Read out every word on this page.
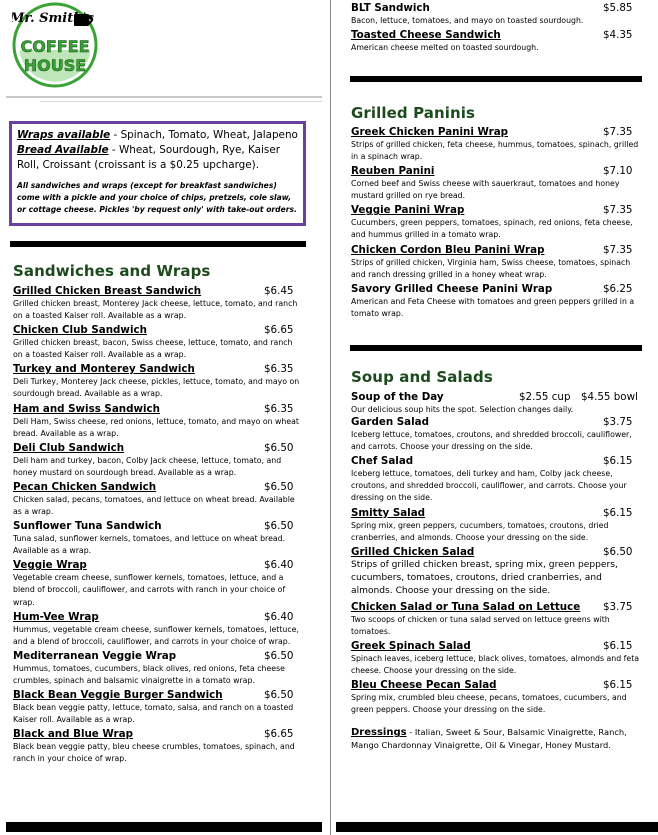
Mr. Smith's
COFFEE
HOUSE
Wraps available - Spinach, Tomato, Wheat, Jalapeno
Bread Available - Wheat, Sourdough, Rye, Kaiser Roll, Croissant (croissant is a $0.25 upcharge).
All sandwiches and wraps (except for breakfast sandwiches) come with a pickle and your choice of chips, pretzels, cole slaw, or cottage cheese. Pickles 'by request only' with take-out orders.
Sandwiches and Wraps
Grilled Chicken Breast Sandwich	$6.45
Grilled chicken breast, Monterey Jack cheese, lettuce, tomato, and ranch on a toasted Kaiser roll. Available as a wrap.
Chicken Club Sandwich	$6.65
Grilled chicken breast, bacon, Swiss cheese, lettuce, tomato, and ranch on a toasted Kaiser roll. Available as a wrap.
Turkey and Monterey Sandwich	$6.35
Deli Turkey, Monterey Jack cheese, pickles, lettuce, tomato, and mayo on sourdough bread. Available as a wrap.
Ham and Swiss Sandwich	$6.35
Deli Ham, Swiss cheese, red onions, lettuce, tomato, and mayo on wheat bread. Available as a wrap.
Deli Club Sandwich	$6.50
Deli ham and turkey, bacon, Colby Jack cheese, lettuce, tomato, and honey mustard on sourdough bread. Available as a wrap.
Pecan Chicken Sandwich	$6.50
Chicken salad, pecans, tomatoes, and lettuce on wheat bread. Available as a wrap.
Sunflower Tuna Sandwich	$6.50
Tuna salad, sunflower kernels, tomatoes, and lettuce on wheat bread. Available as a wrap.
Veggie Wrap	$6.40
Vegetable cream cheese, sunflower kernels, tomatoes, lettuce, and a blend of broccoli, cauliflower, and carrots with ranch in your choice of wrap.
Hum-Vee Wrap	$6.40
Hummus, vegetable cream cheese, sunflower kernels, tomatoes, lettuce, and a blend of broccoli, cauliflower, and carrots in your choice of wrap.
Mediterranean Veggie Wrap	$6.50
Hummus, tomatoes, cucumbers, black olives, red onions, feta cheese crumbles, spinach and balsamic vinaigrette in a tomato wrap.
Black Bean Veggie Burger Sandwich	$6.50
Black bean veggie patty, lettuce, tomato, salsa, and ranch on a toasted Kaiser roll. Available as a wrap.
Black and Blue Wrap	$6.65
Black bean veggie patty, bleu cheese crumbles, tomatoes, spinach, and ranch in your choice of wrap.
BLT Sandwich	$5.85
Bacon, lettuce, tomatoes, and mayo on toasted sourdough.
Toasted Cheese Sandwich	$4.35
American cheese melted on toasted sourdough.
Grilled Paninis
Greek Chicken Panini Wrap	$7.35
Strips of grilled chicken, feta cheese, hummus, tomatoes, spinach, grilled in a spinach wrap.
Reuben Panini	$7.10
Corned beef and Swiss cheese with sauerkraut, tomatoes and honey mustard grilled on rye bread.
Veggie Panini Wrap	$7.35
Cucumbers, green peppers, tomatoes, spinach, red onions, feta cheese, and hummus grilled in a tomato wrap.
Chicken Cordon Bleu Panini Wrap	$7.35
Strips of grilled chicken, Virginia ham, Swiss cheese, tomatoes, spinach and ranch dressing grilled in a honey wheat wrap.
Savory Grilled Cheese Panini Wrap	$6.25
American and Feta Cheese with tomatoes and green peppers grilled in a tomato wrap.
Soup and Salads
Soup of the Day	$2.55 cup $4.55 bowl
Our delicious soup hits the spot. Selection changes daily.
Garden Salad	$3.75
Iceberg lettuce, tomatoes, croutons, and shredded broccoli, cauliflower, and carrots. Choose your dressing on the side.
Chef Salad	$6.15
Iceberg lettuce, tomatoes, deli turkey and ham, Colby jack cheese, croutons, and shredded broccoli, cauliflower, and carrots. Choose your dressing on the side.
Smitty Salad	$6.15
Spring mix, green peppers, cucumbers, tomatoes, croutons, dried cranberries, and almonds. Choose your dressing on the side.
Grilled Chicken Salad	$6.50
Strips of grilled chicken breast, spring mix, green peppers, cucumbers, tomatoes, croutons, dried cranberries, and almonds. Choose your dressing on the side.
Chicken Salad or Tuna Salad on Lettuce	$3.75
Two scoops of chicken or tuna salad served on lettuce greens with tomatoes.
Greek Spinach Salad	$6.15
Spinach leaves, iceberg lettuce, black olives, tomatoes, almonds and feta cheese. Choose your dressing on the side.
Bleu Cheese Pecan Salad	$6.15
Spring mix, crumbled bleu cheese, pecans, tomatoes, cucumbers, and green peppers. Choose your dressing on the side.
Dressings - Italian, Sweet & Sour, Balsamic Vinaigrette, Ranch, Mango Chardonnay Vinaigrette, Oil & Vinegar, Honey Mustard.
